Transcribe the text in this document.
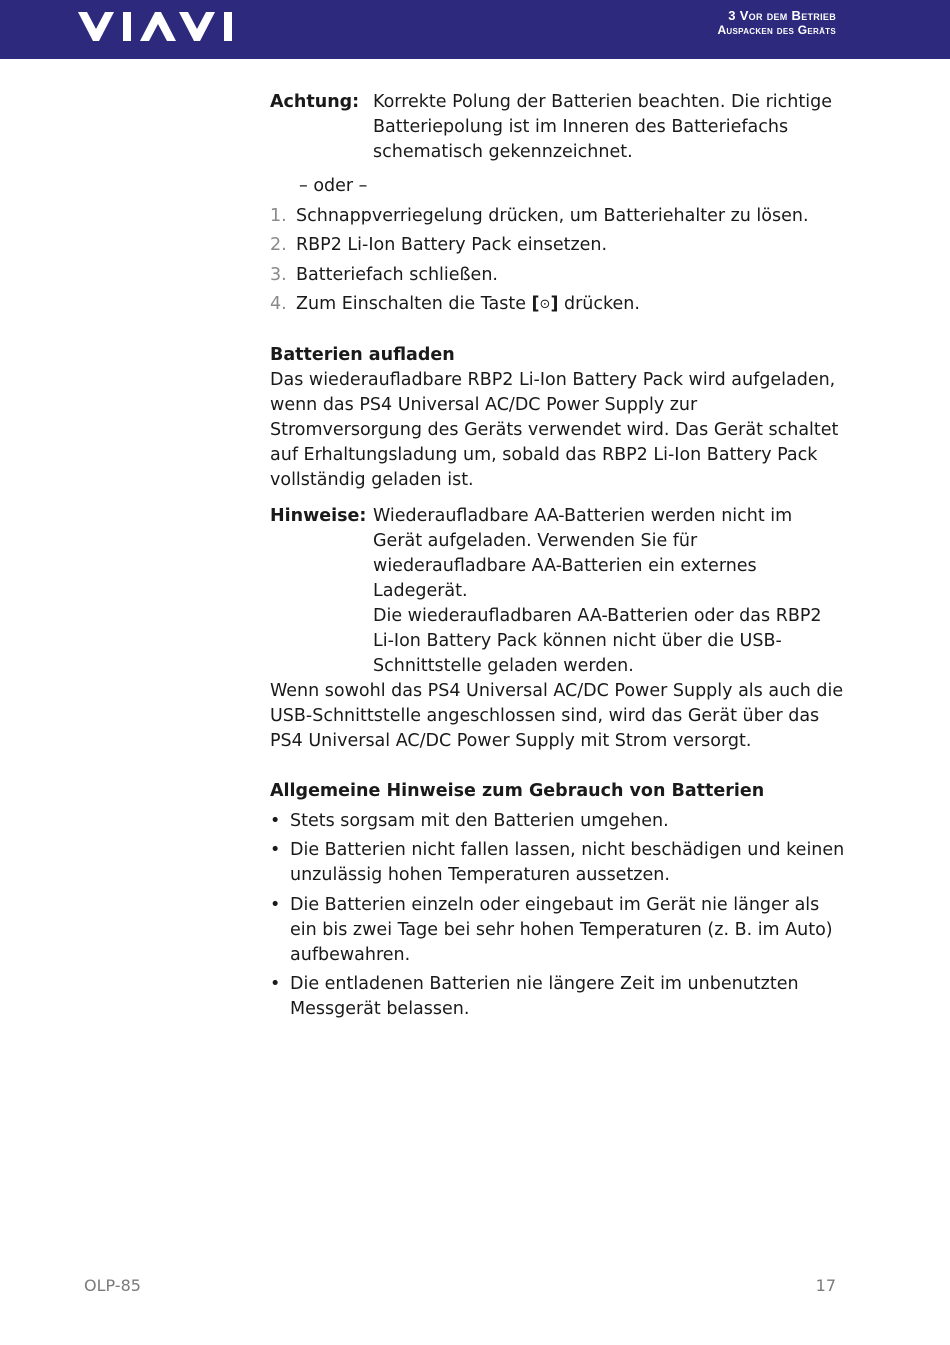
3 Vor dem Betrieb
Auspacken des Geräts
Achtung: Korrekte Polung der Batterien beachten. Die richtige Batteriepolung ist im Inneren des Batteriefachs schematisch gekennzeichnet.

– oder –
1. Schnappverriegelung drücken, um Batteriehalter zu lösen.
2. RBP2 Li-Ion Battery Pack einsetzen.
3. Batteriefach schließen.
4. Zum Einschalten die Taste [⊙] drücken.
Batterien aufladen

Das wiederaufladbare RBP2 Li-Ion Battery Pack wird aufgeladen, wenn das PS4 Universal AC/DC Power Supply zur Stromversorgung des Geräts verwendet wird. Das Gerät schaltet auf Erhaltungsladung um, sobald das RBP2 Li-Ion Battery Pack vollständig geladen ist.

Hinweise: Wiederaufladbare AA-Batterien werden nicht im Gerät aufgeladen. Verwenden Sie für wiederaufladbare AA-Batterien ein externes Ladegerät.

Die wiederaufladbaren AA-Batterien oder das RBP2 Li-Ion Battery Pack können nicht über die USB-Schnittstelle geladen werden.

Wenn sowohl das PS4 Universal AC/DC Power Supply als auch die USB-Schnittstelle angeschlossen sind, wird das Gerät über das PS4 Universal AC/DC Power Supply mit Strom versorgt.

Allgemeine Hinweise zum Gebrauch von Batterien
• Stets sorgsam mit den Batterien umgehen.
• Die Batterien nicht fallen lassen, nicht beschädigen und keinen unzulässig hohen Temperaturen aussetzen.
• Die Batterien einzeln oder eingebaut im Gerät nie länger als ein bis zwei Tage bei sehr hohen Temperaturen (z. B. im Auto) aufbewahren.
• Die entladenen Batterien nie längere Zeit im unbenutzten Messgerät belassen.
OLP-85	17
